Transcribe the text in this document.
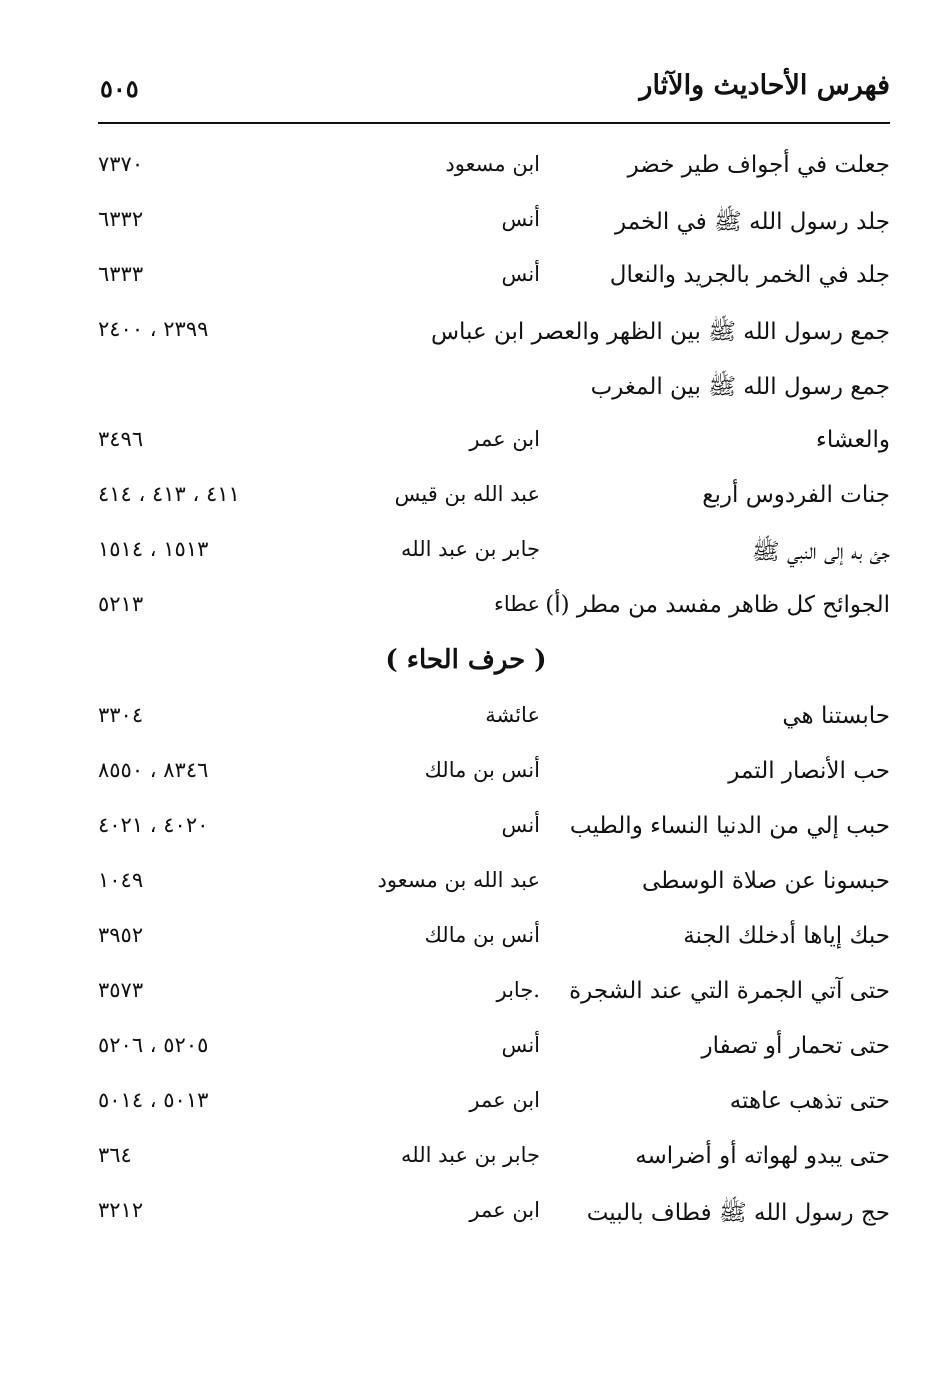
فهرس الأحاديث والآثار
٥٠٥
جعلت في أجواف طير خضر
ابن مسعود
٧٣٧٠
جلد رسول الله ﷺ في الخمر
أنس
٦٣٣٢
جلد في الخمر بالجريد والنعال
أنس
٦٣٣٣
جمع رسول الله ﷺ بين الظهر والعصر ابن عباس
٢٣٩٩ ، ٢٤٠٠
جمع رسول الله ﷺ بين المغرب
والعشاء
ابن عمر
٣٤٩٦
جنات الفردوس أربع
عبد الله بن قيس
٤١١ ، ٤١٣ ، ٤١٤
جئ به إلى النبي ﷺ
جابر بن عبد الله
١٥١٣ ، ١٥١٤
الجوائح كل ظاهر مفسد من مطر (أ)
عطاء
٥٢١٣
( حرف الحاء )
حابستنا هي
عائشة
٣٣٠٤
حب الأنصار التمر
أنس بن مالك
٨٣٤٦ ، ٨٥٥٠
حبب إلي من الدنيا النساء والطيب
أنس
٤٠٢٠ ، ٤٠٢١
حبسونا عن صلاة الوسطى
عبد الله بن مسعود
١٠٤٩
حبك إياها أدخلك الجنة
أنس بن مالك
٣٩٥٢
حتى آتي الجمرة التي عند الشجرة
.جابر
٣٥٧٣
حتى تحمار أو تصفار
أنس
٥٢٠٥ ، ٥٢٠٦
حتى تذهب عاهته
ابن عمر
٥٠١٣ ، ٥٠١٤
حتى يبدو لهواته أو أضراسه
جابر بن عبد الله
٣٦٤
حج رسول الله ﷺ فطاف بالبيت
ابن عمر
٣٢١٢
